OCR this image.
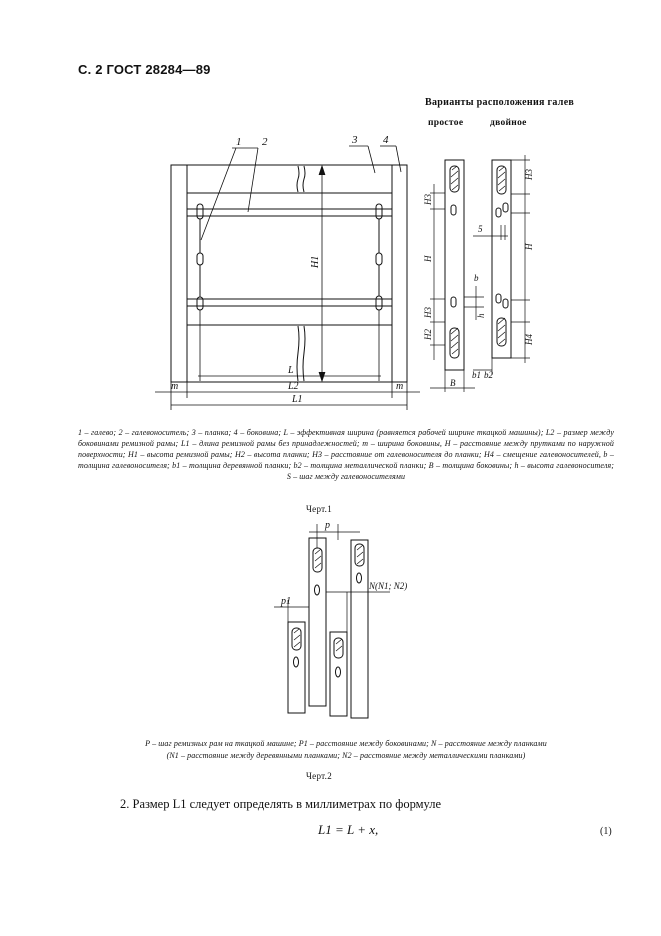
С. 2 ГОСТ 28284—89
Варианты расположения галев
простое	двойное
1 2	3 4
H1
L
L2
L1
m	m
H3
H
H3
H2
b
h
B
H3
H
H4
5
b1 b2
1 – галево; 2 – галевоноситель; 3 – планка; 4 – боковина; L – эффективная ширина (равняется рабочей ширине ткацкой машины); L2 – размер между боковинами ремизной рамы; L1 – длина ремизной рамы без принадлежностей; m – ширина боковины, H – расстояние между прутками по наружной поверхности; H1 – высота ремизной рамы; H2 – высота планки; H3 – расстояние от галевоносителя до планки; H4 – смещение галевоносителей, b – толщина галевоносителя; b1 – толщина деревянной планки; b2 – толщина металлической планки; B – толщина боковины; h – высота галевоносителя; S – шаг между галевоносителями
Черт.1
p
p1
N(N1; N2)
P – шаг ремизных рам на ткацкой машине; P1 – расстояние между боковинами; N – расстояние между планками
(N1 – расстояние между деревянными планками; N2 – расстояние между металлическими планками)
Черт.2
2. Размер L1 следует определять в миллиметрах по формуле
L1 = L + x,	(1)
